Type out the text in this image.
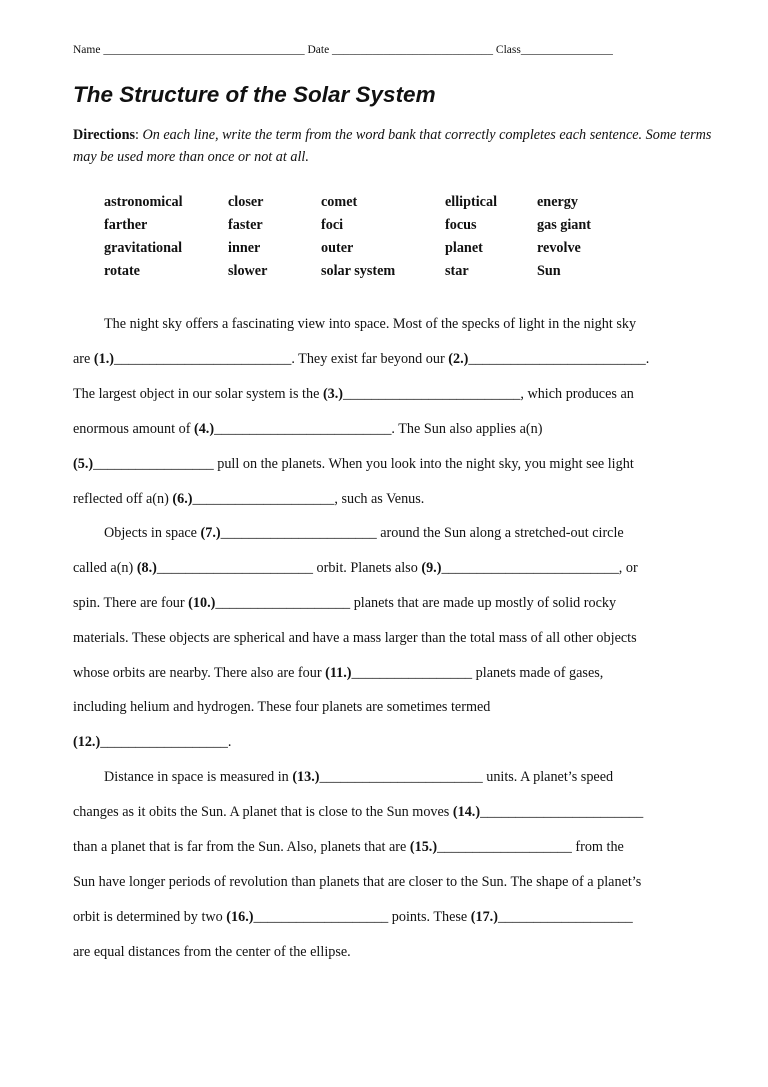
Name ___________________________________ Date ____________________________ Class________________
The Structure of the Solar System
Directions: On each line, write the term from the word bank that correctly completes each sentence. Some terms may be used more than once or not at all.
astronomical	closer	comet	elliptical	energy
farther	faster	foci	focus	gas giant
gravitational	inner	outer	planet	revolve
rotate	slower	solar system	star	Sun
The night sky offers a fascinating view into space. Most of the specks of light in the night sky
are (1.)_________________________. They exist far beyond our (2.)_________________________.
The largest object in our solar system is the (3.)_________________________, which produces an
enormous amount of (4.)_________________________. The Sun also applies a(n)
(5.)_________________ pull on the planets. When you look into the night sky, you might see light
reflected off a(n) (6.)____________________, such as Venus.
Objects in space (7.)______________________ around the Sun along a stretched-out circle
called a(n) (8.)______________________ orbit. Planets also (9.)_________________________, or
spin. There are four (10.)___________________ planets that are made up mostly of solid rocky
materials. These objects are spherical and have a mass larger than the total mass of all other objects
whose orbits are nearby. There also are four (11.)_________________ planets made of gases,
including helium and hydrogen. These four planets are sometimes termed
(12.)__________________.
Distance in space is measured in (13.)_______________________ units. A planet’s speed
changes as it obits the Sun. A planet that is close to the Sun moves (14.)_______________________
than a planet that is far from the Sun. Also, planets that are (15.)___________________ from the
Sun have longer periods of revolution than planets that are closer to the Sun. The shape of a planet’s
orbit is determined by two (16.)___________________ points. These (17.)___________________
are equal distances from the center of the ellipse.
